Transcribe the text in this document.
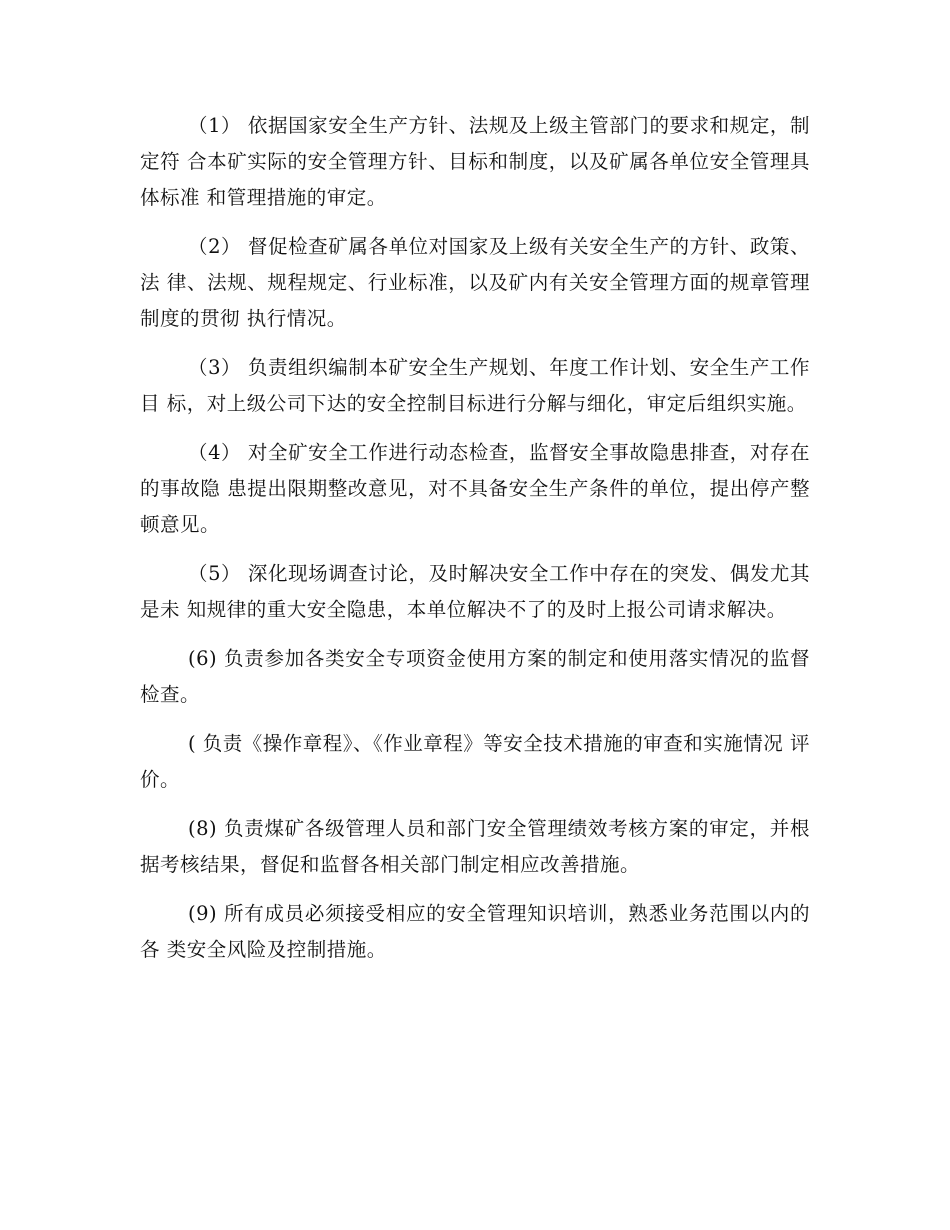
（1） 依据国家安全生产方针、法规及上级主管部门的要求和规定，制定符 合本矿实际的安全管理方针、目标和制度，以及矿属各单位安全管理具体标准 和管理措施的审定。

（2） 督促检查矿属各单位对国家及上级有关安全生产的方针、政策、法 律、法规、规程规定、行业标准，以及矿内有关安全管理方面的规章管理制度的贯彻 执行情况。

（3） 负责组织编制本矿安全生产规划、年度工作计划、安全生产工作目 标，对上级公司下达的安全控制目标进行分解与细化，审定后组织实施。

（4） 对全矿安全工作进行动态检查，监督安全事故隐患排查，对存在的事故隐 患提出限期整改意见，对不具备安全生产条件的单位，提出停产整顿意见。

（5） 深化现场调查讨论，及时解决安全工作中存在的突发、偶发尤其是未 知规律的重大安全隐患，本单位解决不了的及时上报公司请求解决。

(6) 负责参加各类安全专项资金使用方案的制定和使用落实情况的监督 检查。

( 负责《操作章程》、《作业章程》等安全技术措施的审查和实施情况 评价。

(8) 负责煤矿各级管理人员和部门安全管理绩效考核方案的审定，并根 据考核结果，督促和监督各相关部门制定相应改善措施。

(9) 所有成员必须接受相应的安全管理知识培训，熟悉业务范围以内的各 类安全风险及控制措施。
